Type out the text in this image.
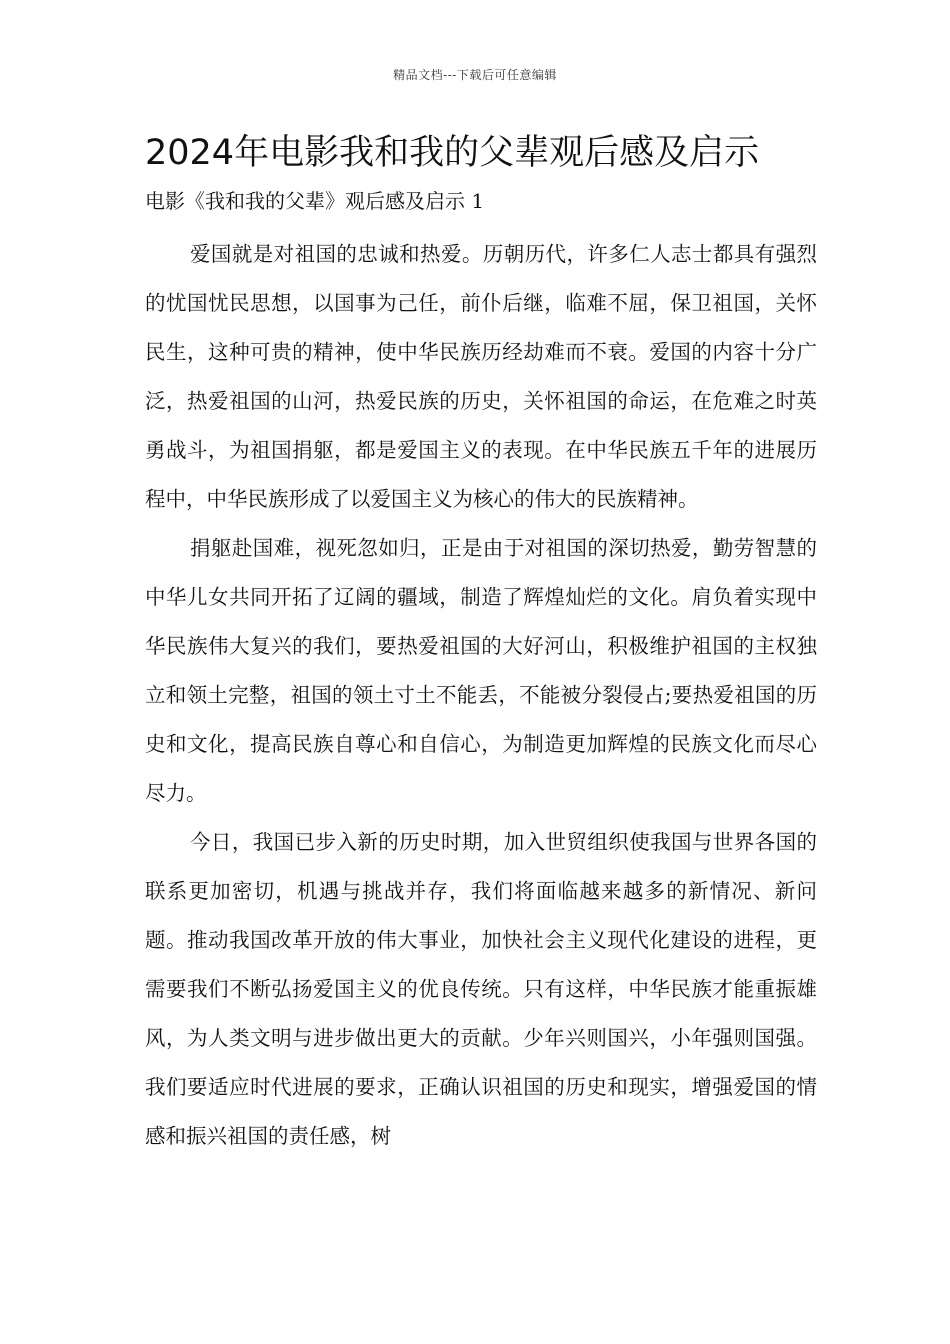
精品文档---下载后可任意编辑
2024年电影我和我的父辈观后感及启示
电影《我和我的父辈》观后感及启示 1

爱国就是对祖国的忠诚和热爱。历朝历代，许多仁人志士都具有强烈的忧国忧民思想，以国事为己任，前仆后继，临难不屈，保卫祖国，关怀民生，这种可贵的精神，使中华民族历经劫难而不衰。爱国的内容十分广泛，热爱祖国的山河，热爱民族的历史，关怀祖国的命运，在危难之时英勇战斗，为祖国捐躯，都是爱国主义的表现。在中华民族五千年的进展历程中，中华民族形成了以爱国主义为核心的伟大的民族精神。

捐躯赴国难，视死忽如归，正是由于对祖国的深切热爱，勤劳智慧的中华儿女共同开拓了辽阔的疆域，制造了辉煌灿烂的文化。肩负着实现中华民族伟大复兴的我们，要热爱祖国的大好河山，积极维护祖国的主权独立和领土完整，祖国的领土寸土不能丢，不能被分裂侵占;要热爱祖国的历史和文化，提高民族自尊心和自信心，为制造更加辉煌的民族文化而尽心尽力。

今日，我国已步入新的历史时期，加入世贸组织使我国与世界各国的联系更加密切，机遇与挑战并存，我们将面临越来越多的新情况、新问题。推动我国改革开放的伟大事业，加快社会主义现代化建设的进程，更需要我们不断弘扬爱国主义的优良传统。只有这样，中华民族才能重振雄风，为人类文明与进步做出更大的贡献。少年兴则国兴，小年强则国强。我们要适应时代进展的要求，正确认识祖国的历史和现实，增强爱国的情感和振兴祖国的责任感，树
